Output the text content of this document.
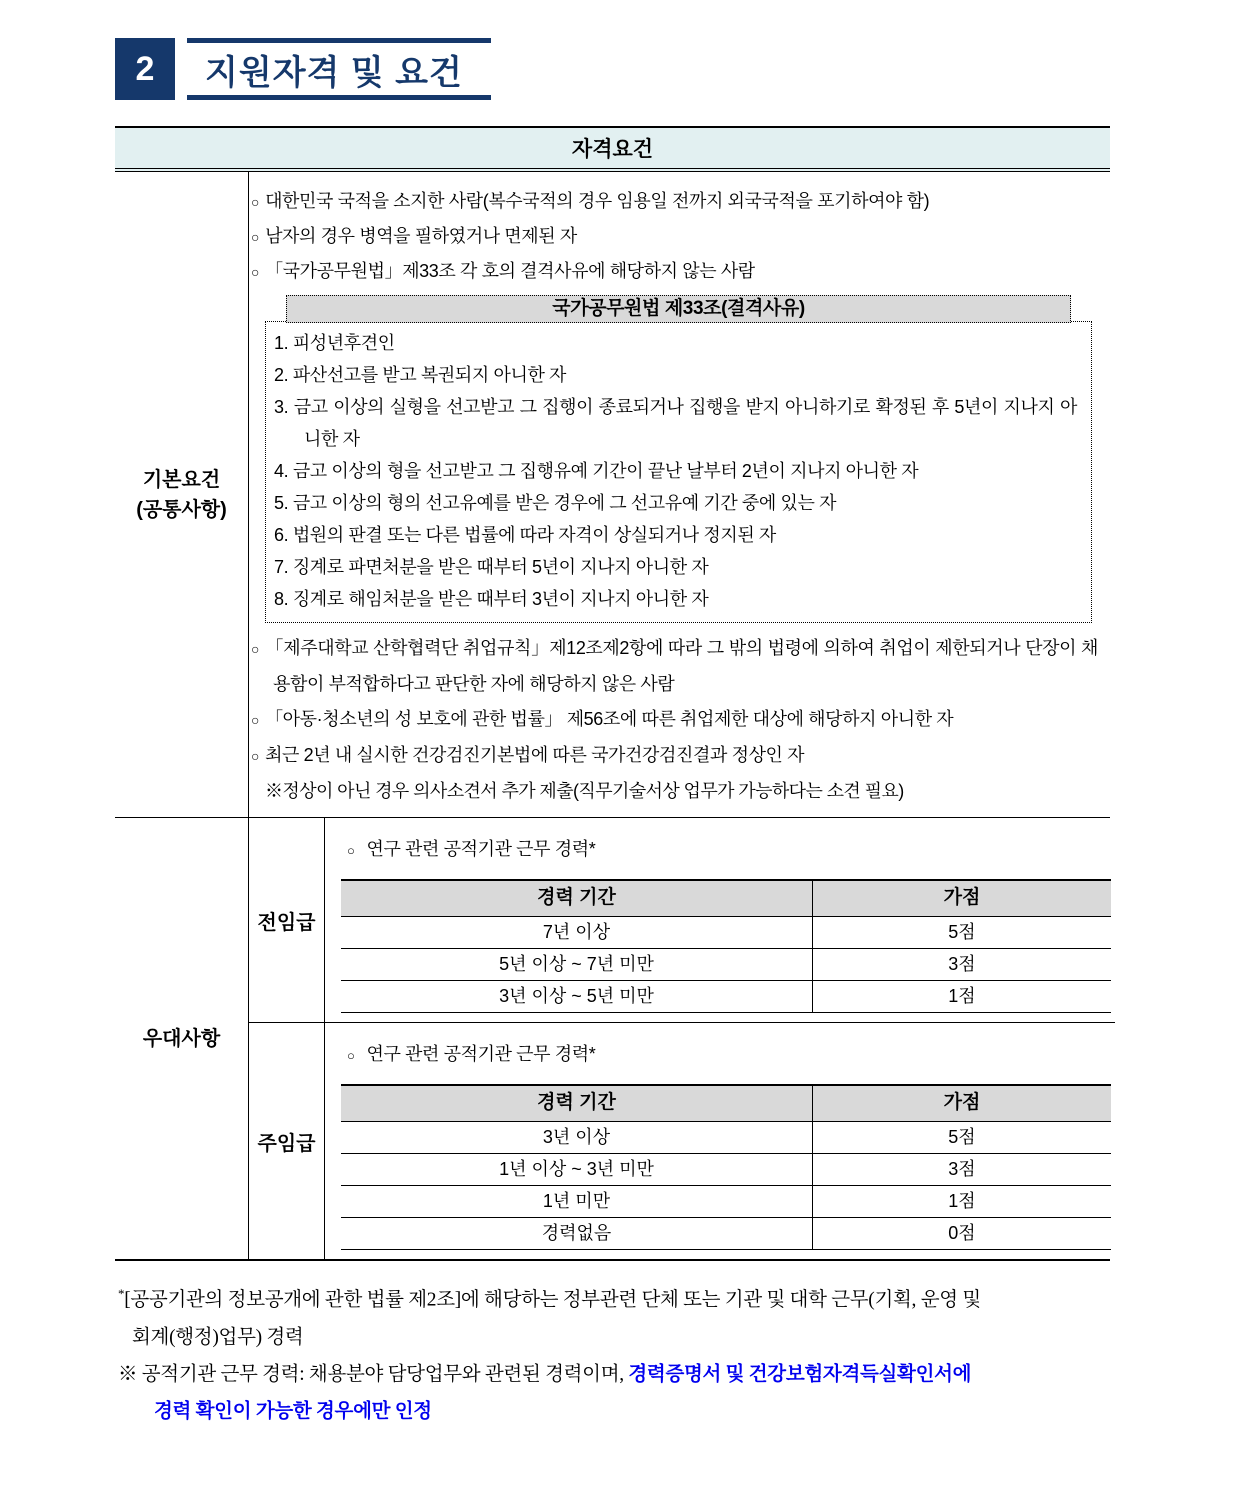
2	지원자격 및 요건
자격요건
기본요건
(공통사항)
○ 대한민국 국적을 소지한 사람(복수국적의 경우 임용일 전까지 외국국적을 포기하여야 함)
○ 남자의 경우 병역을 필하였거나 면제된 자
○ 「국가공무원법」제33조 각 호의 결격사유에 해당하지 않는 사람
국가공무원법 제33조(결격사유)
1. 피성년후견인
2. 파산선고를 받고 복권되지 아니한 자
3. 금고 이상의 실형을 선고받고 그 집행이 종료되거나 집행을 받지 아니하기로 확정된 후 5년이 지나지 아니한 자
4. 금고 이상의 형을 선고받고 그 집행유예 기간이 끝난 날부터 2년이 지나지 아니한 자
5. 금고 이상의 형의 선고유예를 받은 경우에 그 선고유예 기간 중에 있는 자
6. 법원의 판결 또는 다른 법률에 따라 자격이 상실되거나 정지된 자
7. 징계로 파면처분을 받은 때부터 5년이 지나지 아니한 자
8. 징계로 해임처분을 받은 때부터 3년이 지나지 아니한 자
○ 「제주대학교 산학협력단 취업규칙」제12조제2항에 따라 그 밖의 법령에 의하여 취업이 제한되거나 단장이 채용함이 부적합하다고 판단한 자에 해당하지 않은 사람
○ 「아동·청소년의 성 보호에 관한 법률」 제56조에 따른 취업제한 대상에 해당하지 아니한 자
○ 최근 2년 내 실시한 건강검진기본법에 따른 국가건강검진결과 정상인 자
※정상이 아닌 경우 의사소견서 추가 제출(직무기술서상 업무가 가능하다는 소견 필요)
우대사항
전임급
○ 연구 관련 공적기관 근무 경력*
경력 기간	가점
7년 이상	5점
5년 이상 ~ 7년 미만	3점
3년 이상 ~ 5년 미만	1점
주임급
○ 연구 관련 공적기관 근무 경력*
경력 기간	가점
3년 이상	5점
1년 이상 ~ 3년 미만	3점
1년 미만	1점
경력없음	0점
*[공공기관의 정보공개에 관한 법률 제2조]에 해당하는 정부관련 단체 또는 기관 및 대학 근무(기획, 운영 및
회계(행정)업무) 경력
※ 공적기관 근무 경력: 채용분야 담당업무와 관련된 경력이며, 경력증명서 및 건강보험자격득실확인서에
경력 확인이 가능한 경우에만 인정
